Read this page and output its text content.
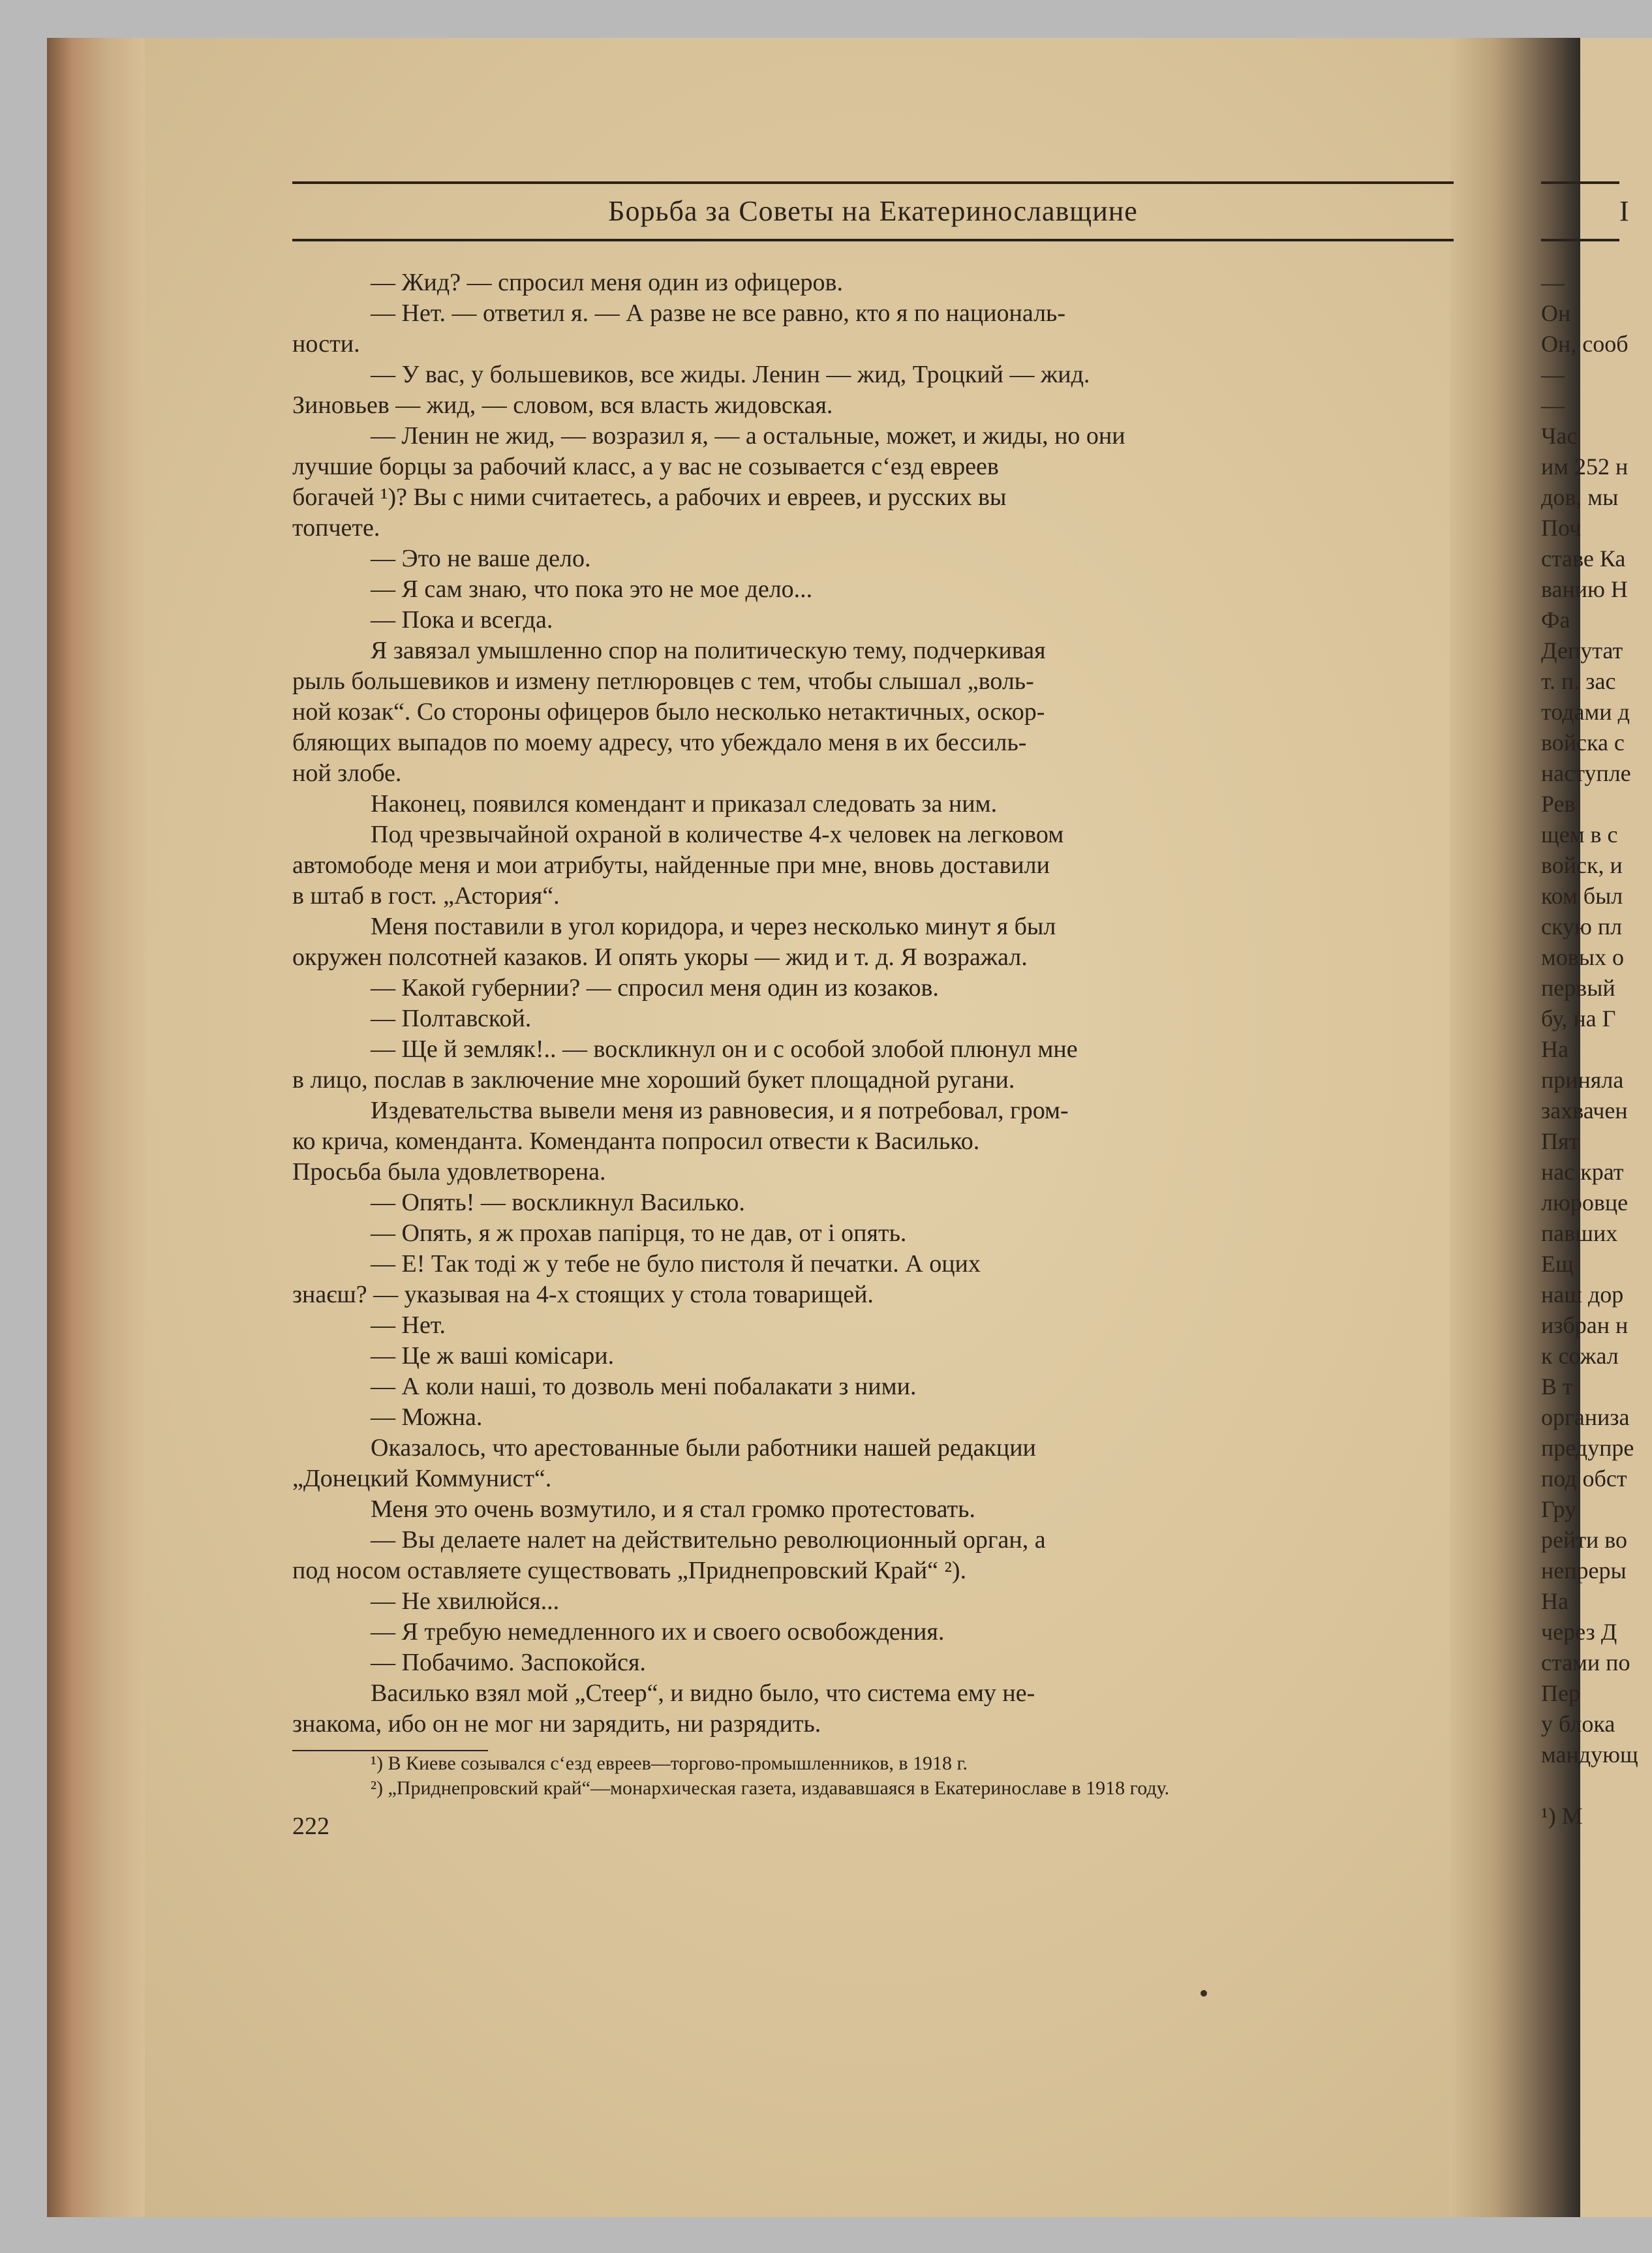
Борьба за Советы на Екатеринославщине

— Жид? — спросил меня один из офицеров.

— Нет. — ответил я. — А разве не все равно, кто я по националь-
ности.

— У вас, у большевиков, все жиды. Ленин — жид, Троцкий — жид.
Зиновьев — жид, — словом, вся власть жидовская.

— Ленин не жид, — возразил я, — а остальные, может, и жиды, но они
лучшие борцы за рабочий класс, а у вас не созывается с‘езд евреев
богачей ¹)? Вы с ними считаетесь, а рабочих и евреев, и русских вы
топчете.

— Это не ваше дело.

— Я сам знаю, что пока это не мое дело...

— Пока и всегда.

Я завязал умышленно спор на политическую тему, подчеркивая
рыль большевиков и измену петлюровцев с тем, чтобы слышал „воль-
ной козак“. Со стороны офицеров было несколько нетактичных, оскор-
бляющих выпадов по моему адресу, что убеждало меня в их бессиль-
ной злобе.

Наконец, появился комендант и приказал следовать за ним.

Под чрезвычайной охраной в количестве 4-х человек на легковом
автомободе меня и мои атрибуты, найденные при мне, вновь доставили
в штаб в гост. „Астория“.

Меня поставили в угол коридора, и через несколько минут я был
окружен полсотней казаков. И опять укоры — жид и т. д. Я возражал.

— Какой губернии? — спросил меня один из козаков.

— Полтавской.

— Ще й земляк!.. — воскликнул он и с особой злобой плюнул мне
в лицо, послав в заключение мне хороший букет площадной ругани.

Издевательства вывели меня из равновесия, и я потребовал, гром-
ко крича, коменданта. Коменданта попросил отвести к Василько.
Просьба была удовлетворена.

— Опять! — воскликнул Василько.

— Опять, я ж прохав папірця, то не дав, от і опять.

— Е! Так тоді ж у тебе не було пистоля й печатки. А оцих
знаєш? — указывая на 4-х стоящих у стола товарищей.

— Нет.

— Це ж ваші комісари.

— А коли наші, то дозволь мені побалакати з ними.

— Можна.

Оказалось, что арестованные были работники нашей редакции
„Донецкий Коммунист“.

Меня это очень возмутило, и я стал громко протестовать.

— Вы делаете налет на действительно революционный орган, а
под носом оставляете существовать „Приднепровский Край“ ²).

— Не хвилюйся...

— Я требую немедленного их и своего освобождения.

— Побачимо. Заспокойся.

Василько взял мой „Стеер“, и видно было, что система ему не-
знакома, ибо он не мог ни зарядить, ни разрядить.

¹) В Киеве созывался с‘езд евреев—торгово-промышленников, в 1918 г.

²) „Приднепровский край“—монархическая газета, издававшаяся в Екатеринославе в 1918 году.

222
I

—

Он

Он, сооб

—

—

Час

им 252 н

дов, мы

Поч

ставе Ка

ванию Н

Фа

Депутат

т. п. зас

тодами д

войска с

наступле

Рев

щем в с

войск, и

ком был

скую пл

мовых о

первый

бу, на Г

На

приняла

захвачен

Пят

нас крат

люровце

павших

Ещ

наш дор

избран н

к сожал

В т

организа

предупре

под обст

Гру

рейти во

непреры

На

через Д

стами по

Пер

у блока

мандующ

¹) М
